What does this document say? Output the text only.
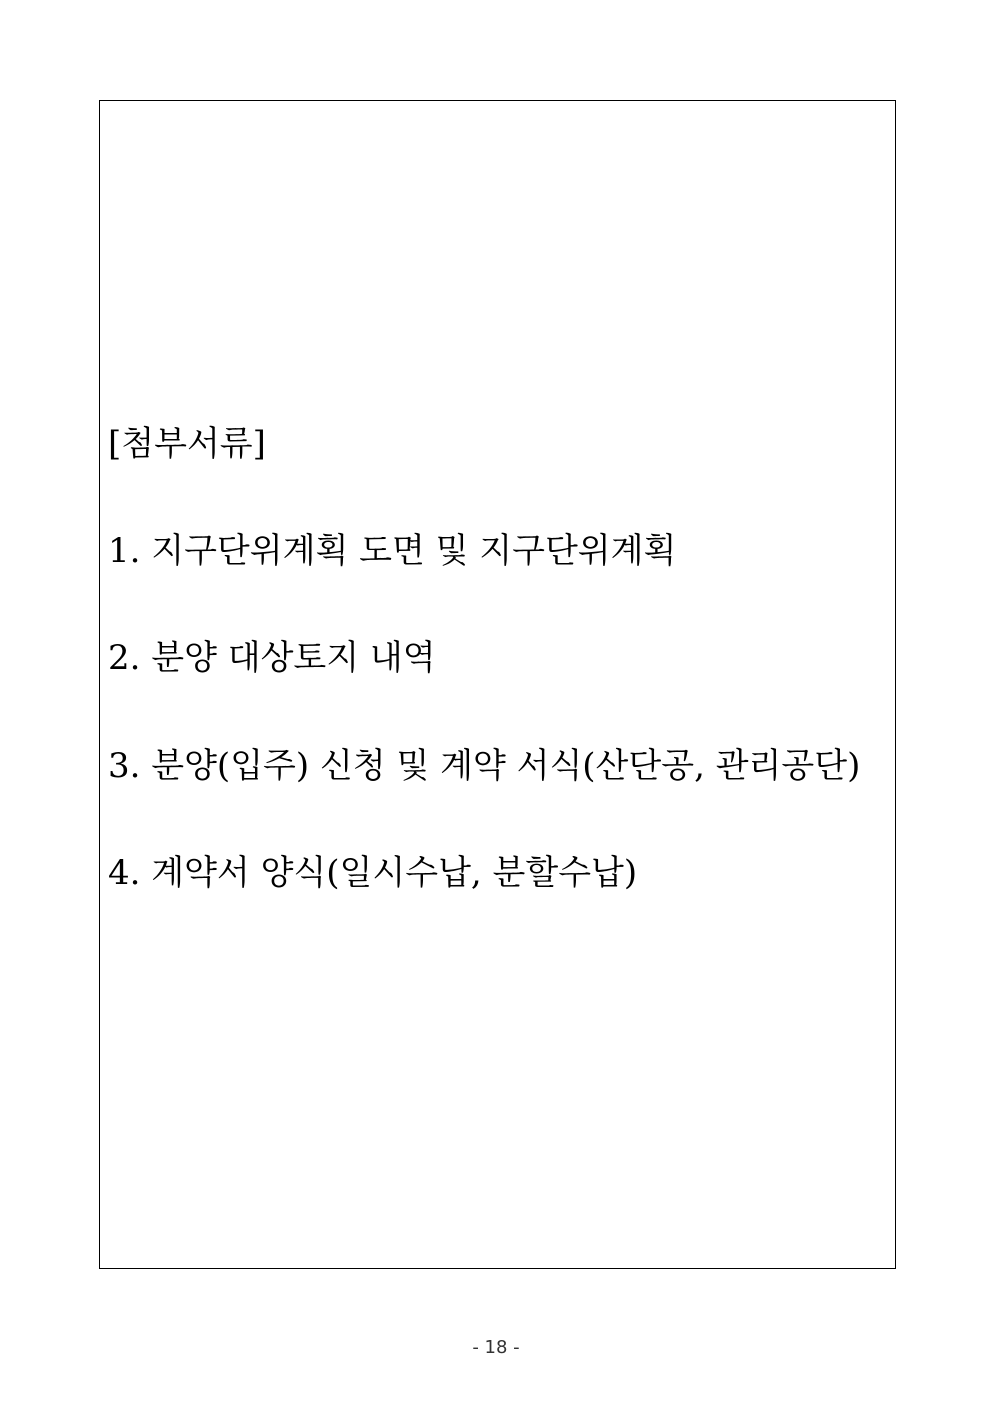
[첨부서류]
1. 지구단위계획 도면 및 지구단위계획
2. 분양 대상토지 내역
3. 분양(입주) 신청 및 계약 서식(산단공, 관리공단)
4. 계약서 양식(일시수납, 분할수납)
- 18 -
